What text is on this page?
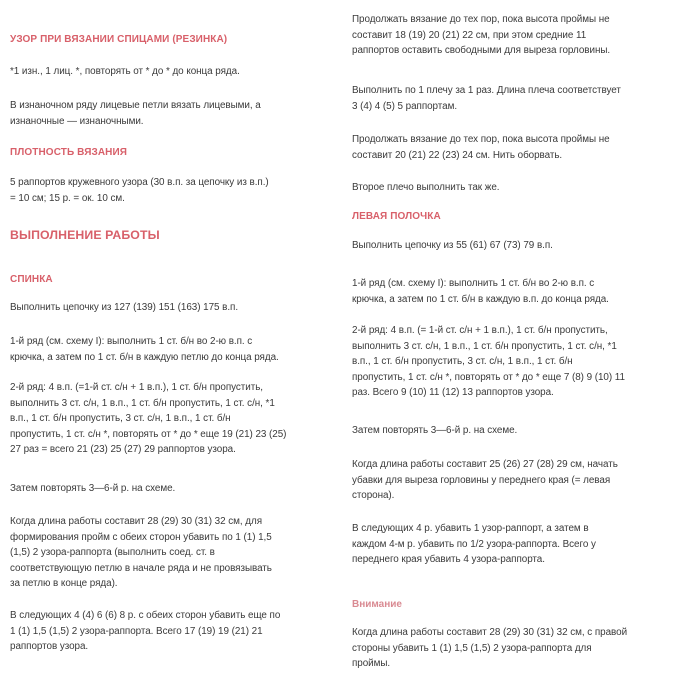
УЗОР ПРИ ВЯЗАНИИ СПИЦАМИ (РЕЗИНКА)

*1 изн., 1 лиц. *, повторять от * до * до конца ряда.

В изнаночном ряду лицевые петли вязать лицевыми, а
изнаночные — изнаночными.

ПЛОТНОСТЬ ВЯЗАНИЯ

5 раппортов кружевного узора (30 в.п. за цепочку из в.п.)
= 10 см; 15 р. = ок. 10 см.

ВЫПОЛНЕНИЕ РАБОТЫ

СПИНКА

Выполнить цепочку из 127 (139) 151 (163) 175 в.п.

1-й ряд (см. схему I): выполнить 1 ст. б/н во 2-ю в.п. с
крючка, а затем по 1 ст. б/н в каждую петлю до конца ряда.

2-й ряд: 4 в.п. (=1-й ст. с/н + 1 в.п.), 1 ст. б/н пропустить,
выполнить 3 ст. с/н, 1 в.п., 1 ст. б/н пропустить, 1 ст. с/н, *1
в.п., 1 ст. б/н пропустить, 3 ст. с/н, 1 в.п., 1 ст. б/н
пропустить, 1 ст. с/н *, повторять от * до * еще 19 (21) 23 (25)
27 раз = всего 21 (23) 25 (27) 29 раппортов узора.

Затем повторять 3—6-й р. на схеме.

Когда длина работы составит 28 (29) 30 (31) 32 см, для
формирования пройм с обеих сторон убавить по 1 (1) 1,5
(1,5) 2 узора-раппорта (выполнить соед. ст. в
соответствующую петлю в начале ряда и не провязывать
за петлю в конце ряда).

В следующих 4 (4) 6 (6) 8 р. с обеих сторон убавить еще по
1 (1) 1,5 (1,5) 2 узора-раппорта. Всего 17 (19) 19 (21) 21
раппортов узора.

Продолжать вязание до тех пор, пока высота проймы не
составит 18 (19) 20 (21) 22 см, при этом средние 11
раппортов оставить свободными для выреза горловины.

Выполнить по 1 плечу за 1 раз. Длина плеча соответствует
3 (4) 4 (5) 5 раппортам.

Продолжать вязание до тех пор, пока высота проймы не
составит 20 (21) 22 (23) 24 см. Нить оборвать.

Второе плечо выполнить так же.

ЛЕВАЯ ПОЛОЧКА

Выполнить цепочку из 55 (61) 67 (73) 79 в.п.

1-й ряд (см. схему I): выполнить 1 ст. б/н во 2-ю в.п. с
крючка, а затем по 1 ст. б/н в каждую в.п. до конца ряда.

2-й ряд: 4 в.п. (= 1-й ст. с/н + 1 в.п.), 1 ст. б/н пропустить,
выполнить 3 ст. с/н, 1 в.п., 1 ст. б/н пропустить, 1 ст. с/н, *1
в.п., 1 ст. б/н пропустить, 3 ст. с/н, 1 в.п., 1 ст. б/н
пропустить, 1 ст. с/н *, повторять от * до * еще 7 (8) 9 (10) 11
раз. Всего 9 (10) 11 (12) 13 раппортов узора.

Затем повторять 3—6-й р. на схеме.

Когда длина работы составит 25 (26) 27 (28) 29 см, начать
убавки для выреза горловины у переднего края (= левая
сторона).

В следующих 4 р. убавить 1 узор-раппорт, а затем в
каждом 4-м р. убавить по 1/2 узора-раппорта. Всего у
переднего края убавить 4 узора-раппорта.

Внимание

Когда длина работы составит 28 (29) 30 (31) 32 см, с правой
стороны убавить 1 (1) 1,5 (1,5) 2 узора-раппорта для
проймы.
